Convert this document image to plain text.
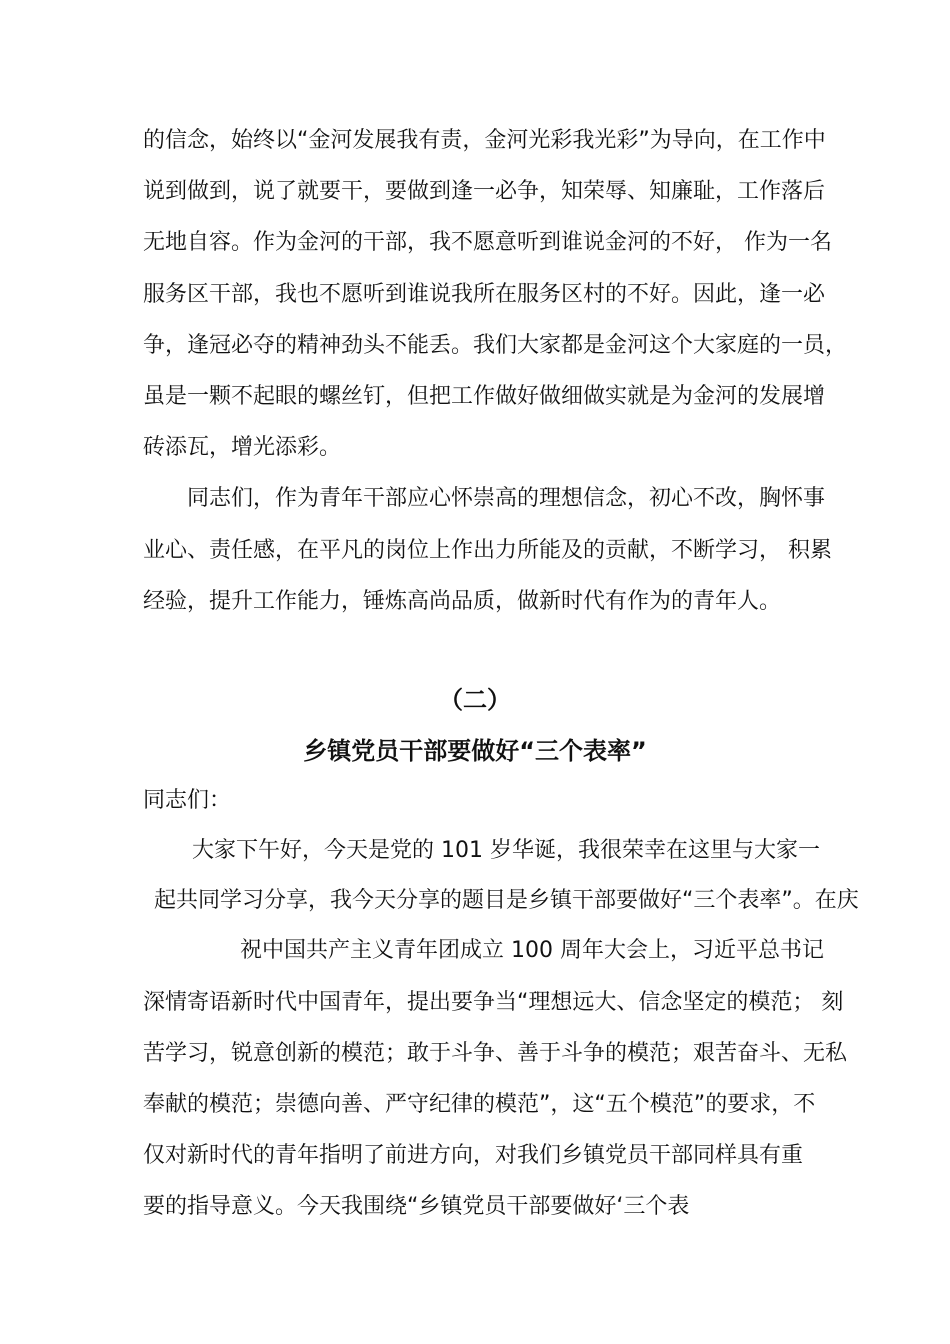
的信念，始终以“金河发展我有责，金河光彩我光彩”为导向，在工作中
说到做到，说了就要干，要做到逢一必争，知荣辱、知廉耻，工作落后
无地自容。作为金河的干部，我不愿意听到谁说金河的不好， 作为一名
服务区干部，我也不愿听到谁说我所在服务区村的不好。因此，逢一必
争，逢冠必夺的精神劲头不能丢。我们大家都是金河这个大家庭的一员，
虽是一颗不起眼的螺丝钉，但把工作做好做细做实就是为金河的发展增
砖添瓦，增光添彩。
同志们，作为青年干部应心怀崇高的理想信念，初心不改，胸怀事
业心、责任感，在平凡的岗位上作出力所能及的贡献，不断学习， 积累
经验，提升工作能力，锤炼高尚品质，做新时代有作为的青年人。
（二）
乡镇党员干部要做好“三个表率”
同志们：
大家下午好，今天是党的 101 岁华诞，我很荣幸在这里与大家一
起共同学习分享，我今天分享的题目是乡镇干部要做好“三个表率”。在庆
祝中国共产主义青年团成立 100 周年大会上，习近平总书记
深情寄语新时代中国青年，提出要争当“理想远大、信念坚定的模范； 刻
苦学习，锐意创新的模范；敢于斗争、善于斗争的模范；艰苦奋斗、无私
奉献的模范；崇德向善、严守纪律的模范”，这“五个模范”的要求，不
仅对新时代的青年指明了前进方向，对我们乡镇党员干部同样具有重
要的指导意义。今天我围绕“乡镇党员干部要做好‘三个表
